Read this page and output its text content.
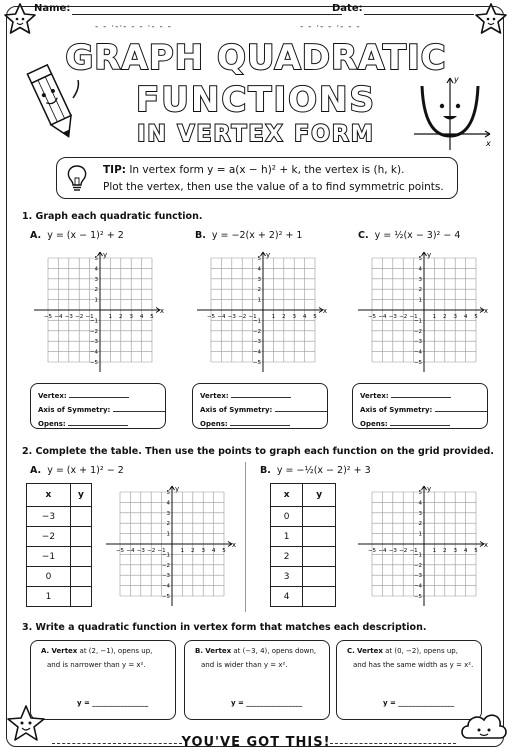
Name:	Date:
- - ·-·- - - ·- - -	- - ·- - ·- - -
GRAPH QUADRATIC
FUNCTIONS
IN VERTEX FORM
y
x
TIP: In vertex form y = a(x − h)² + k, the vertex is (h, k).
Plot the vertex, then use the value of a to find symmetric points.
1. Graph each quadratic function.
A. y = (x − 1)² + 2	B. y = −2(x + 2)² + 1	C. y = ½(x − 3)² − 4
x
y
−5 −4 −3 −2 −1	1 2 3 4 5
5
4
3
2
1
−1
−2
−3
−4
−5
x
y
−5 −4 −3 −2 −1	1 2 3 4 5
5
4
3
2
1
−1
−2
−3
−4
−5
x
y
−5 −4 −3 −2 −1	1 2 3 4 5
5
4
3
2
1
−1
−2
−3
−4
−5
Vertex:
Axis of Symmetry:
Opens:
Vertex:
Axis of Symmetry:
Opens:
Vertex:
Axis of Symmetry:
Opens:
2. Complete the table. Then use the points to graph each function on the grid provided.
A. y = (x + 1)² − 2	B. y = −½(x − 2)² + 3
x	y
−3	
−2	
−1	
0	
1	
x	y
0	
1	
2	
3	
4	
x
y
−5 −4 −3 −2 −1	1 2 3 4 5
5
4
3
2
1
−1
−2
−3
−4
−5
x
y
−5 −4 −3 −2 −1	1 2 3 4 5
5
4
3
2
1
−1
−2
−3
−4
−5
3. Write a quadratic function in vertex form that matches each description.
A. Vertex at (2, −1), opens up,
and is narrower than y = x².
y = ________________
B. Vertex at (−3, 4), opens down,
and is wider than y = x².
y = ________________
C. Vertex at (0, −2), opens up,
and has the same width as y = x².
y = ________________
YOU'VE GOT THIS!
